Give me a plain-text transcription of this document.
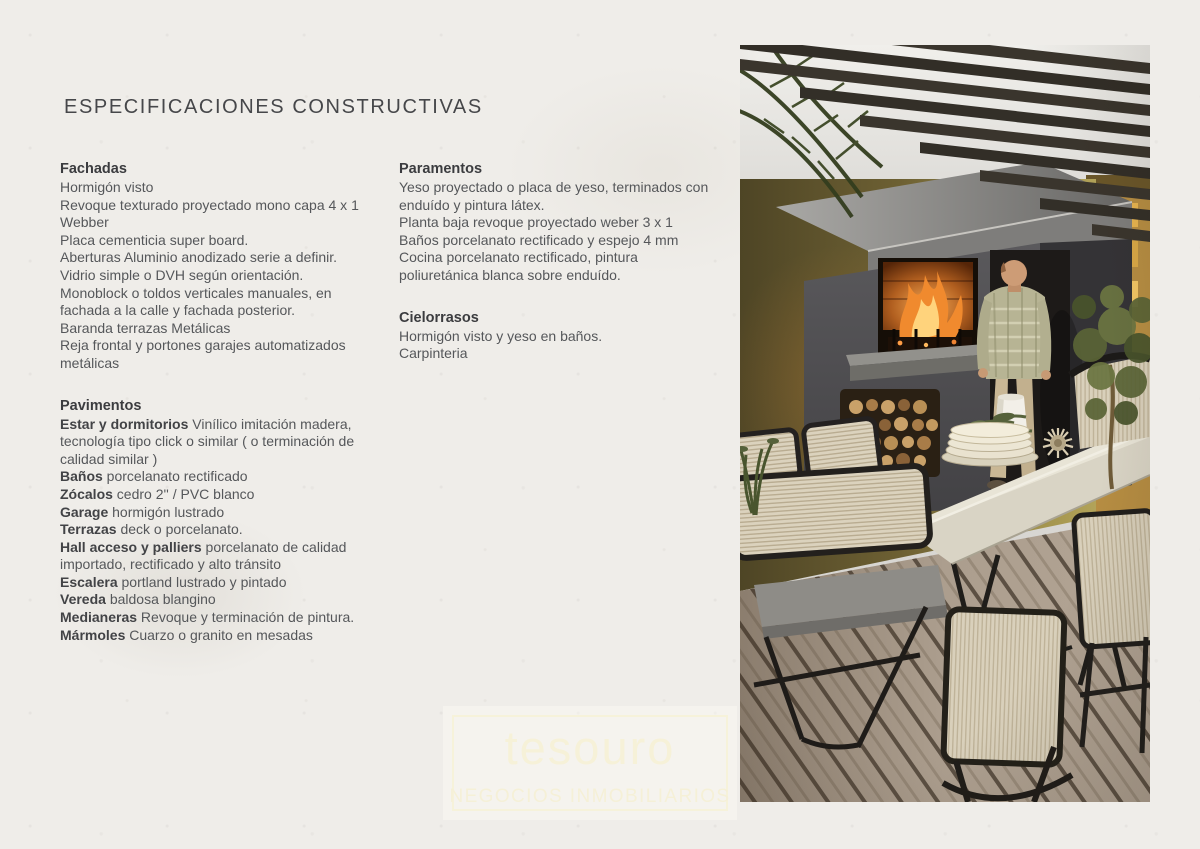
ESPECIFICACIONES CONSTRUCTIVAS
Fachadas

Hormigón visto

Revoque texturado proyectado mono capa 4 x 1 Webber

Placa cementicia super board.

Aberturas Aluminio anodizado serie a definir. Vidrio simple o DVH según orientación.

Monoblock o toldos verticales manuales, en fachada a la calle y fachada posterior.

Baranda terrazas Metálicas

Reja frontal y portones garajes automatizados metálicas

Pavimentos

Estar y dormitorios Vinílico imitación madera, tecnología tipo click o similar ( o terminación de calidad similar )

Baños porcelanato rectificado

Zócalos cedro 2'' / PVC blanco

Garage hormigón lustrado

Terrazas deck o porcelanato.

Hall acceso y palliers porcelanato de calidad importado, rectificado y alto tránsito

Escalera portland lustrado y pintado

Vereda baldosa blangino

Medianeras Revoque y terminación de pintura.

Mármoles Cuarzo o granito en mesadas

Paramentos

Yeso proyectado o placa de yeso, terminados con enduído y pintura látex.

Planta baja revoque proyectado weber 3 x 1

Baños porcelanato rectificado y espejo 4 mm

Cocina porcelanato rectificado, pintura poliuretánica blanca sobre enduído.

Cielorrasos

Hormigón visto y yeso en baños.

Carpinteria

tesouro
NEGOCIOS INMOBILIARIOS
